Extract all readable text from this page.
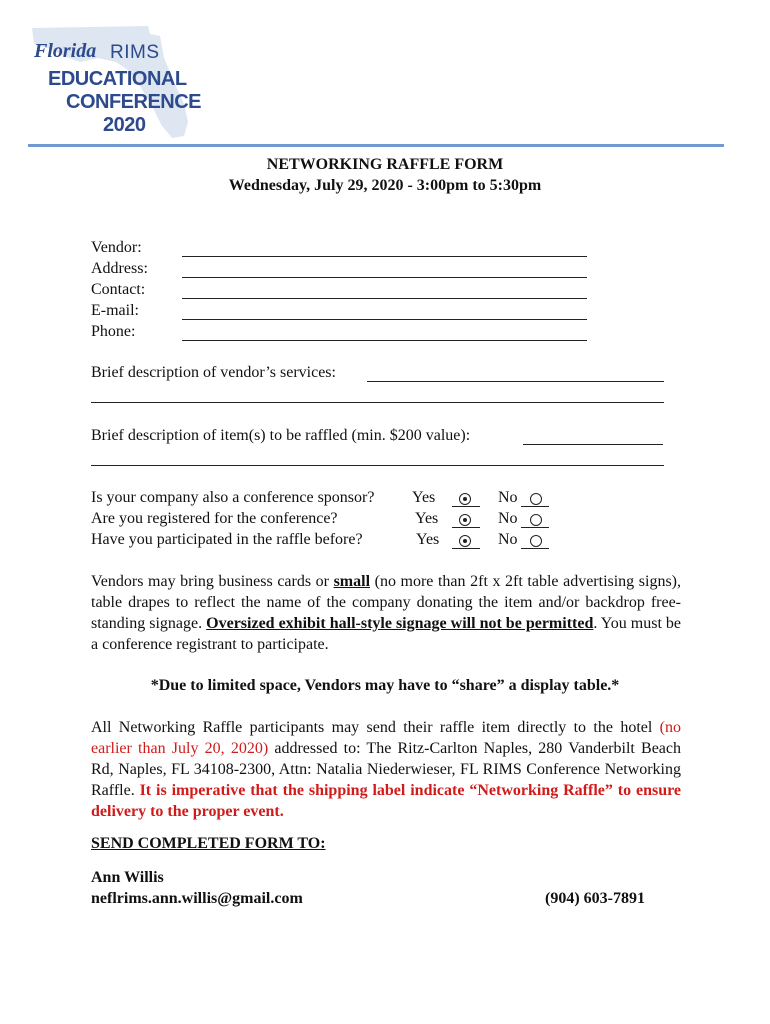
Florida RIMS
EDUCATIONAL
CONFERENCE
2020
NETWORKING RAFFLE FORM
Wednesday, July 29, 2020 - 3:00pm to 5:30pm
Vendor:
Address:
Contact:
E-mail:
Phone:
Brief description of vendor’s services:
Brief description of item(s) to be raffled (min. $200 value):
Is your company also a conference sponsor? Yes	No
Are you registered for the conference?	Yes	No
Have you participated in the raffle before?	Yes	No
Vendors may bring business cards or small (no more than 2ft x 2ft table advertising signs), table drapes to reflect the name of the company donating the item and/or backdrop free-standing signage. Oversized exhibit hall-style signage will not be permitted. You must be a conference registrant to participate.
*Due to limited space, Vendors may have to “share” a display table.*
All Networking Raffle participants may send their raffle item directly to the hotel (no earlier than July 20, 2020) addressed to: The Ritz-Carlton Naples, 280 Vanderbilt Beach Rd, Naples, FL 34108-2300, Attn: Natalia Niederwieser, FL RIMS Conference Networking Raffle. It is imperative that the shipping label indicate “Networking Raffle” to ensure delivery to the proper event.
SEND COMPLETED FORM TO:
Ann Willis
neflrims.ann.willis@gmail.com	(904) 603-7891
